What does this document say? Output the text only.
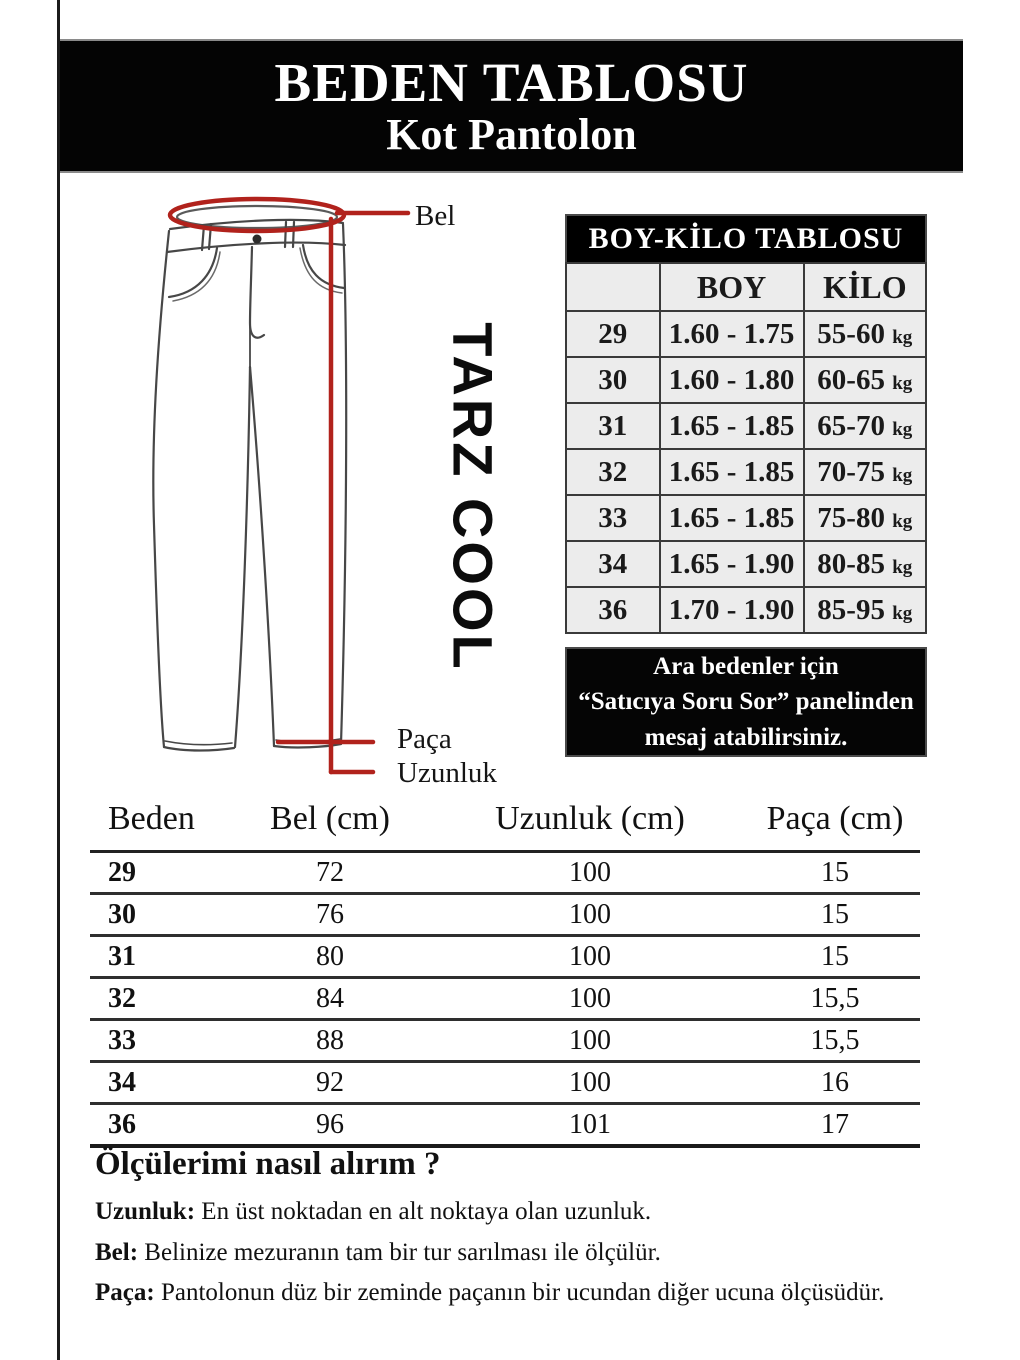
BEDEN TABLOSU
Kot Pantolon
Bel
Paça
Uzunluk
TARZ COOL
BOY-KİLO TABLOSU
	BOY	KİLO
29	1.60 - 1.75	55-60 kg
30	1.60 - 1.80	60-65 kg
31	1.65 - 1.85	65-70 kg
32	1.65 - 1.85	70-75 kg
33	1.65 - 1.85	75-80 kg
34	1.65 - 1.90	80-85 kg
36	1.70 - 1.90	85-95 kg
Ara bedenler için
“Satıcıya Soru Sor” panelinden
mesaj atabilirsiniz.
Beden	Bel (cm)	Uzunluk (cm)	Paça (cm)
29	72	100	15
30	76	100	15
31	80	100	15
32	84	100	15,5
33	88	100	15,5
34	92	100	16
36	96	101	17
Ölçülerimi nasıl alırım ?

Uzunluk: En üst noktadan en alt noktaya olan uzunluk.

Bel: Belinize mezuranın tam bir tur sarılması ile ölçülür.

Paça: Pantolonun düz bir zeminde paçanın bir ucundan diğer ucuna ölçüsüdür.
